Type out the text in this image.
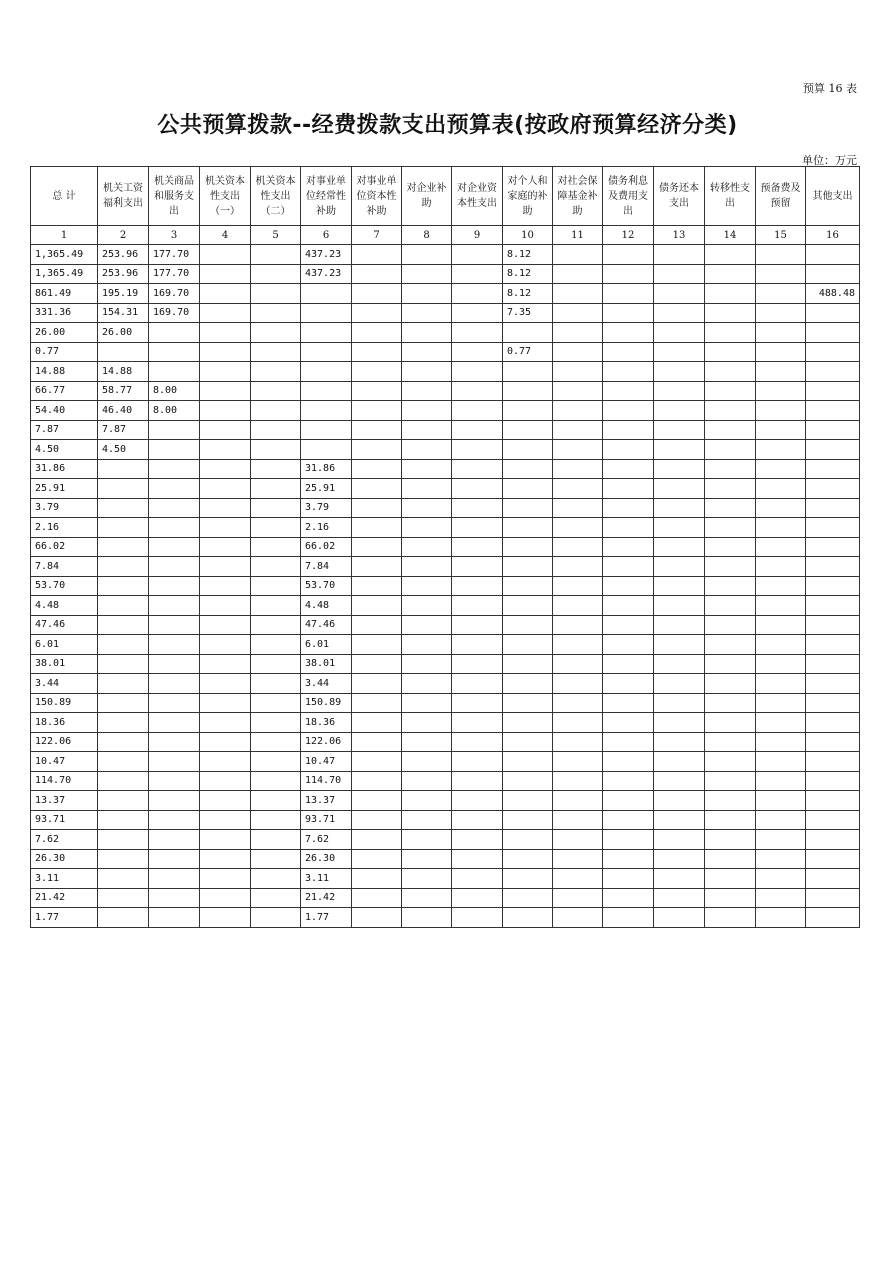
预算 16 表
公共预算拨款--经费拨款支出预算表(按政府预算经济分类)
单位：万元
总 计	机关工资福利支出	机关商品和服务支出	机关资本性支出（一）	机关资本性支出（二）	对事业单位经常性补助	对事业单位资本性补助	对企业补助	对企业资本性支出	对个人和家庭的补助	对社会保障基金补助	债务利息及费用支出	债务还本支出	转移性支出	预备费及预留	其他支出
1	2	3	4	5	6	7	8	9	10	11	12	13	14	15	16
1,365.49	253.96	177.70			437.23				8.12						
1,365.49	253.96	177.70			437.23				8.12						
861.49	195.19	169.70							8.12						488.48
331.36	154.31	169.70							7.35						
26.00	26.00														
0.77									0.77						
14.88	14.88														
66.77	58.77	8.00													
54.40	46.40	8.00													
7.87	7.87														
4.50	4.50														
31.86					31.86										
25.91					25.91										
3.79					3.79										
2.16					2.16										
66.02					66.02										
7.84					7.84										
53.70					53.70										
4.48					4.48										
47.46					47.46										
6.01					6.01										
38.01					38.01										
3.44					3.44										
150.89					150.89										
18.36					18.36										
122.06					122.06										
10.47					10.47										
114.70					114.70										
13.37					13.37										
93.71					93.71										
7.62					7.62										
26.30					26.30										
3.11					3.11										
21.42					21.42										
1.77					1.77										
